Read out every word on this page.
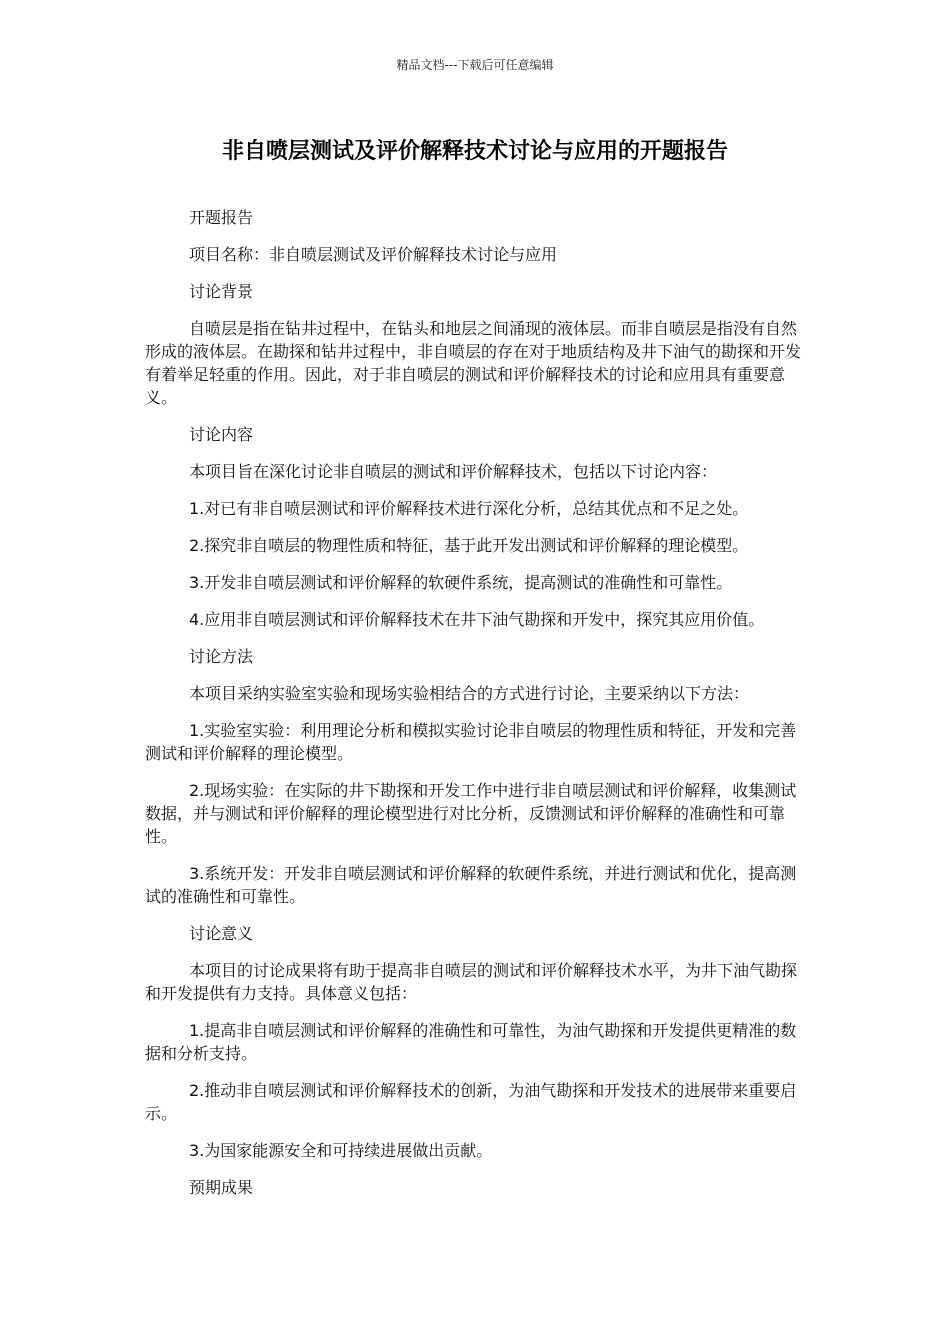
精品文档---下载后可任意编辑
非自喷层测试及评价解释技术讨论与应用的开题报告

开题报告

项目名称：非自喷层测试及评价解释技术讨论与应用

讨论背景

自喷层是指在钻井过程中，在钻头和地层之间涌现的液体层。而非自喷层是指没有自然形成的液体层。在勘探和钻井过程中，非自喷层的存在对于地质结构及井下油气的勘探和开发有着举足轻重的作用。因此，对于非自喷层的测试和评价解释技术的讨论和应用具有重要意义。

讨论内容

本项目旨在深化讨论非自喷层的测试和评价解释技术，包括以下讨论内容：

1.对已有非自喷层测试和评价解释技术进行深化分析，总结其优点和不足之处。

2.探究非自喷层的物理性质和特征，基于此开发出测试和评价解释的理论模型。

3.开发非自喷层测试和评价解释的软硬件系统，提高测试的准确性和可靠性。

4.应用非自喷层测试和评价解释技术在井下油气勘探和开发中，探究其应用价值。

讨论方法

本项目采纳实验室实验和现场实验相结合的方式进行讨论，主要采纳以下方法：

1.实验室实验：利用理论分析和模拟实验讨论非自喷层的物理性质和特征，开发和完善测试和评价解释的理论模型。

2.现场实验：在实际的井下勘探和开发工作中进行非自喷层测试和评价解释，收集测试数据，并与测试和评价解释的理论模型进行对比分析，反馈测试和评价解释的准确性和可靠性。

3.系统开发：开发非自喷层测试和评价解释的软硬件系统，并进行测试和优化，提高测试的准确性和可靠性。

讨论意义

本项目的讨论成果将有助于提高非自喷层的测试和评价解释技术水平，为井下油气勘探和开发提供有力支持。具体意义包括：

1.提高非自喷层测试和评价解释的准确性和可靠性，为油气勘探和开发提供更精准的数据和分析支持。

2.推动非自喷层测试和评价解释技术的创新，为油气勘探和开发技术的进展带来重要启示。

3.为国家能源安全和可持续进展做出贡献。

预期成果
